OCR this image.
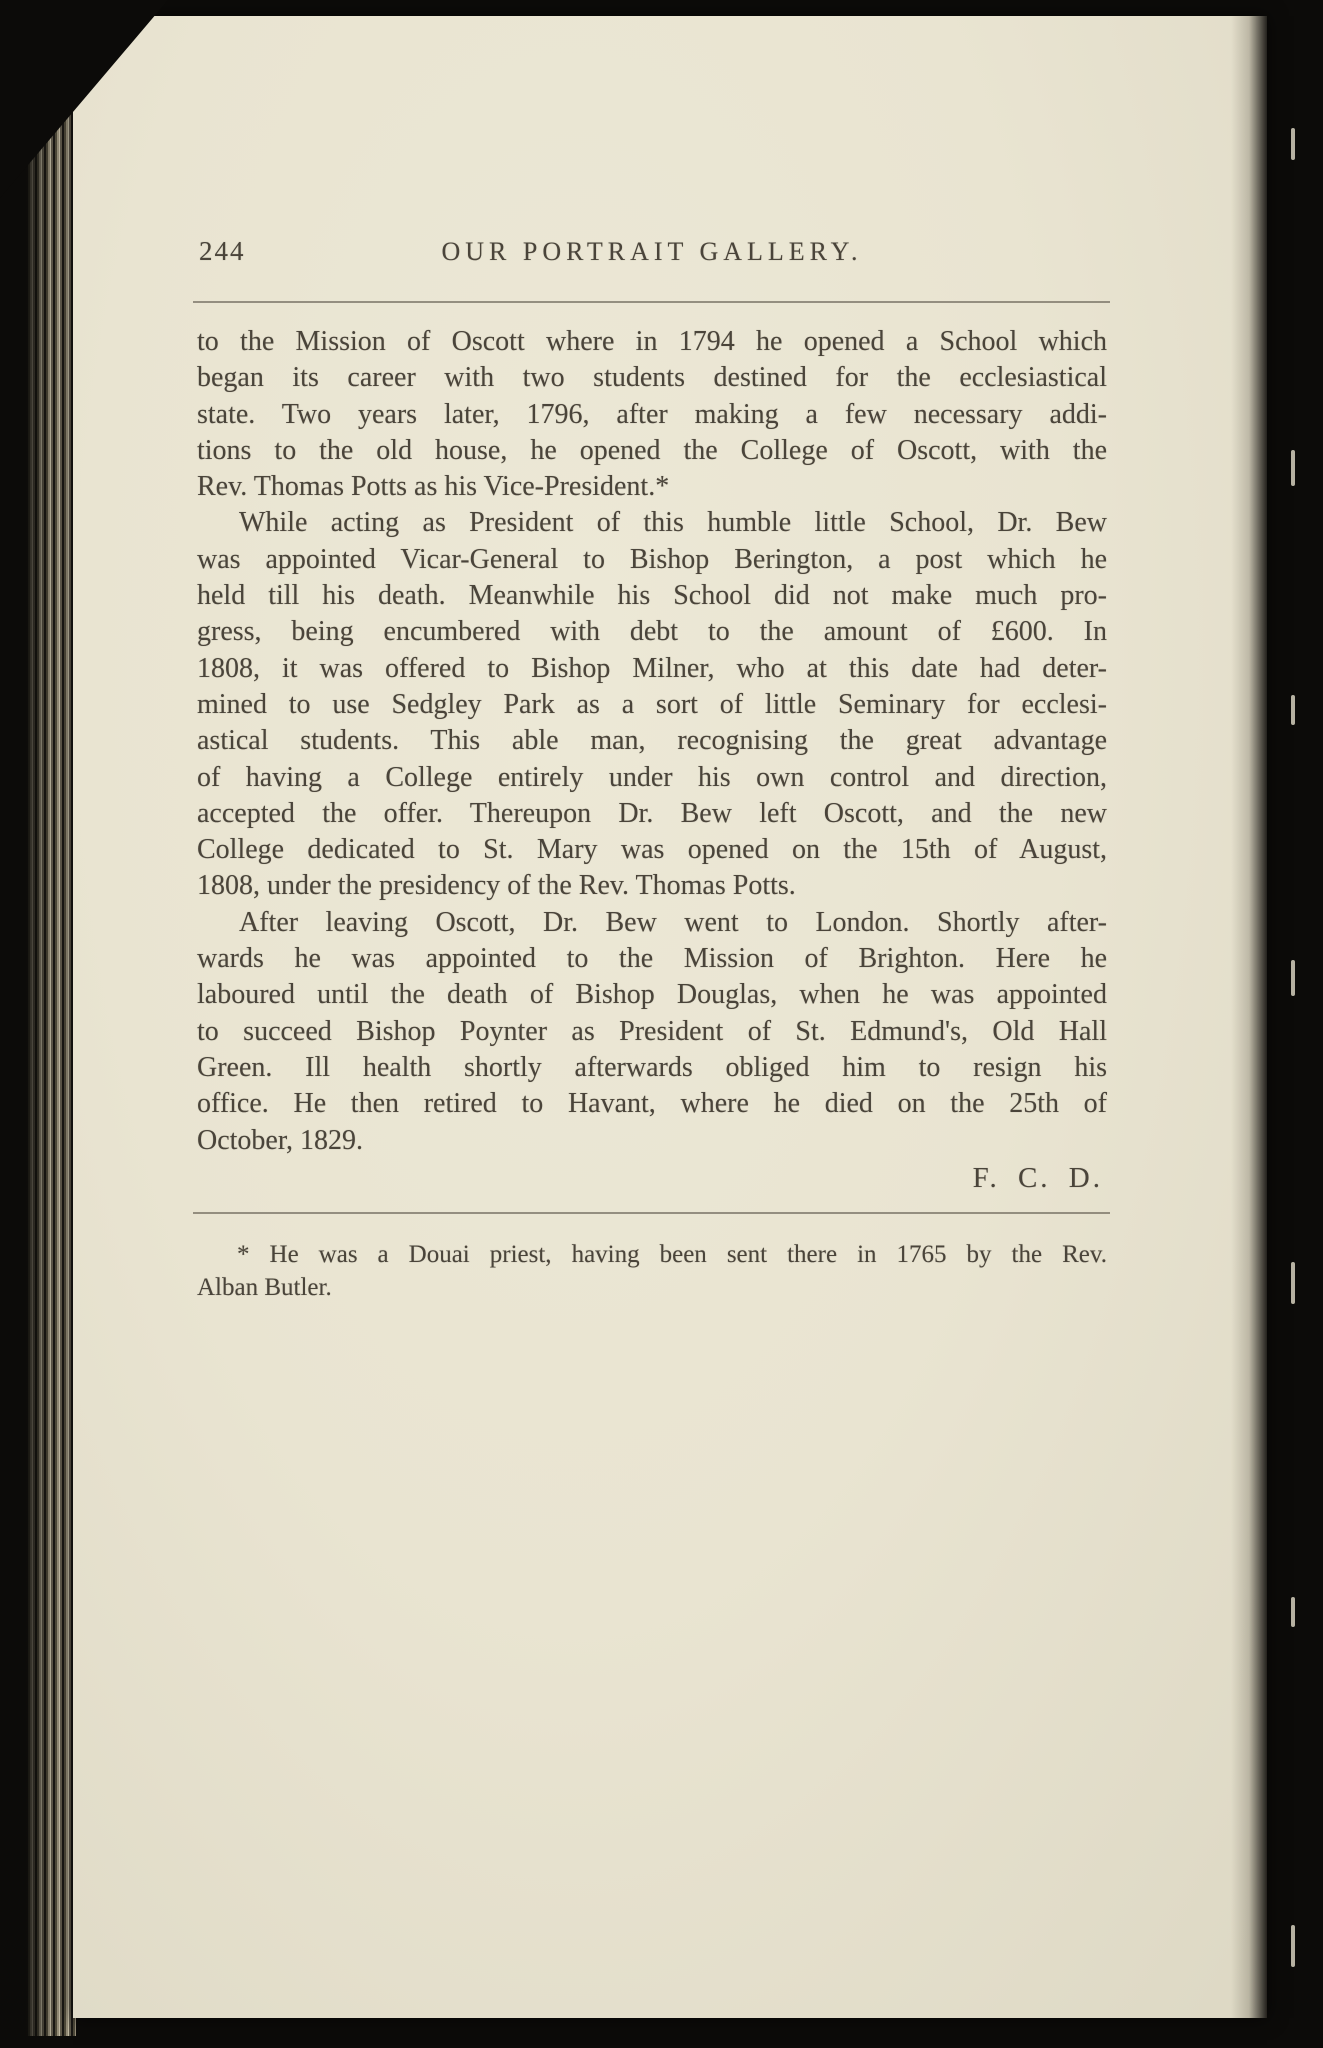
244	OUR PORTRAIT GALLERY.
to the Mission of Oscott where in 1794 he opened a School which
began its career with two students destined for the ecclesiastical
state. Two years later, 1796, after making a few necessary addi-
tions to the old house, he opened the College of Oscott, with the
Rev. Thomas Potts as his Vice-President.*
While acting as President of this humble little School, Dr. Bew
was appointed Vicar-General to Bishop Berington, a post which he
held till his death. Meanwhile his School did not make much pro-
gress, being encumbered with debt to the amount of £600. In
1808, it was offered to Bishop Milner, who at this date had deter-
mined to use Sedgley Park as a sort of little Seminary for ecclesi-
astical students. This able man, recognising the great advantage
of having a College entirely under his own control and direction,
accepted the offer. Thereupon Dr. Bew left Oscott, and the new
College dedicated to St. Mary was opened on the 15th of August,
1808, under the presidency of the Rev. Thomas Potts.
After leaving Oscott, Dr. Bew went to London. Shortly after-
wards he was appointed to the Mission of Brighton. Here he
laboured until the death of Bishop Douglas, when he was appointed
to succeed Bishop Poynter as President of St. Edmund's, Old Hall
Green. Ill health shortly afterwards obliged him to resign his
office. He then retired to Havant, where he died on the 25th of
October, 1829.
F. C. D.
* He was a Douai priest, having been sent there in 1765 by the Rev.
Alban Butler.
